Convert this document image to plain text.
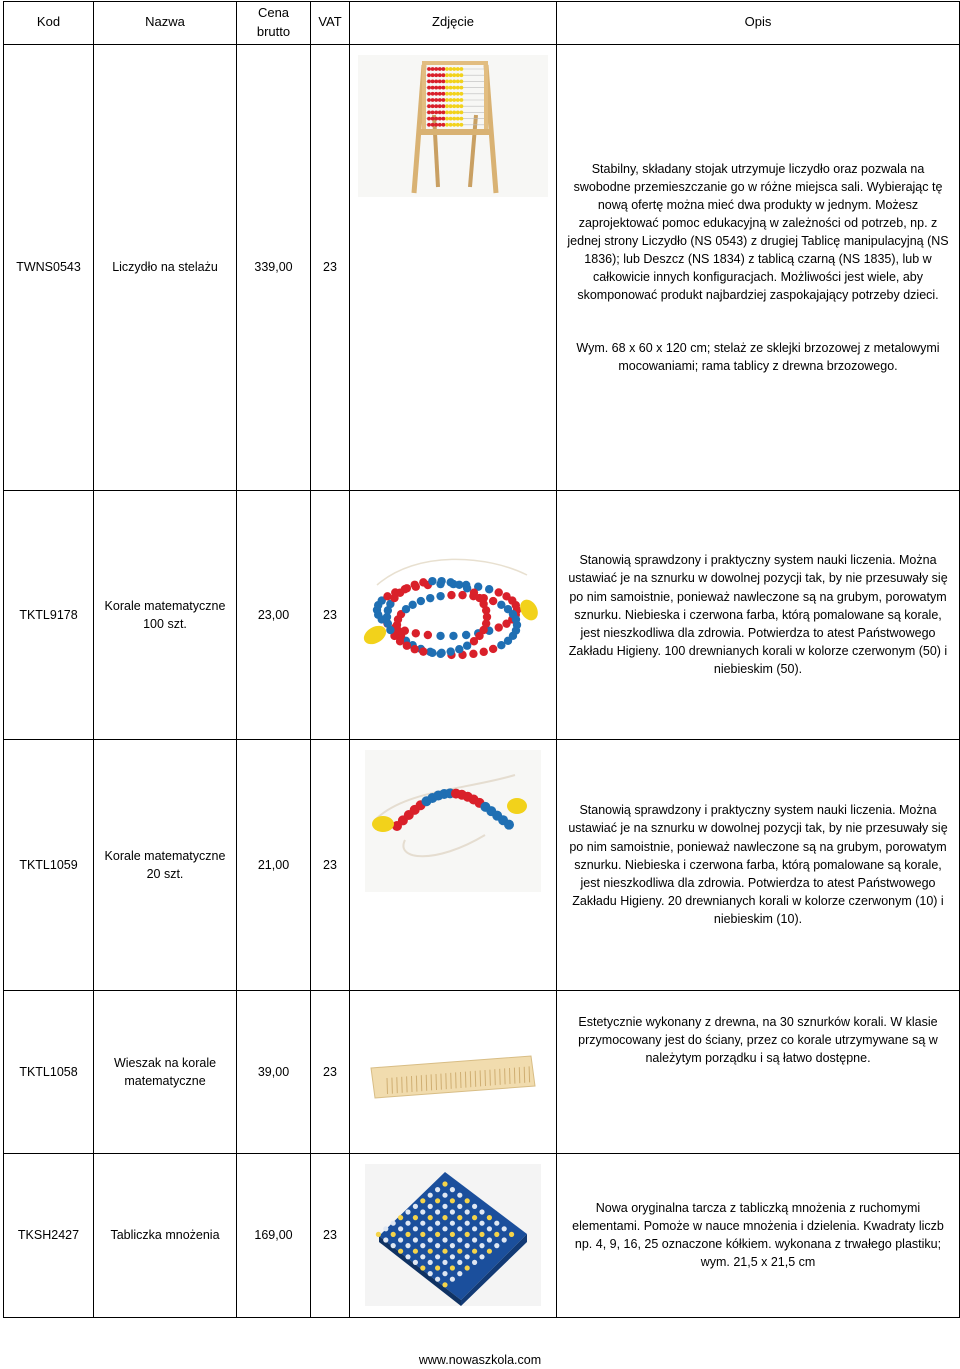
Kod	Nazwa	Cena brutto	VAT	Zdjęcie	Opis
TWNS0543	Liczydło na stelażu	339,00	23		Stabilny, składany stojak utrzymuje liczydło oraz pozwala na swobodne przemieszczanie go w różne miejsca sali. Wybierając tę nową ofertę można mieć dwa produkty w jednym. Możesz zaprojektować pomoc edukacyjną w zależności od potrzeb, np. z jednej strony Liczydło (NS 0543) z drugiej Tablicę manipulacyjną (NS 1836); lub Deszcz (NS 1834) z tablicą czarną (NS 1835), lub w całkowicie innych konfiguracjach. Możliwości jest wiele, aby skomponować produkt najbardziej zaspokajający potrzeby dzieci.

Wym. 68 x 60 x 120 cm; stelaż ze sklejki brzozowej z metalowymi mocowaniami; rama tablicy z drewna brzozowego.

TKTL9178	Korale matematyczne 100 szt.	23,00	23		Stanowią sprawdzony i praktyczny system nauki liczenia. Można ustawiać je na sznurku w dowolnej pozycji tak, by nie przesuwały się po nim samoistnie, ponieważ nawleczone są na grubym, porowatym sznurku. Niebieska i czerwona farba, którą pomalowane są korale, jest nieszkodliwa dla zdrowia. Potwierdza to atest Państwowego Zakładu Higieny. 100 drewnianych korali w kolorze czerwonym (50) i niebieskim (50).

TKTL1059	Korale matematyczne 20 szt.	21,00	23		Stanowią sprawdzony i praktyczny system nauki liczenia. Można ustawiać je na sznurku w dowolnej pozycji tak, by nie przesuwały się po nim samoistnie, ponieważ nawleczone są na grubym, porowatym sznurku. Niebieska i czerwona farba, którą pomalowane są korale, jest nieszkodliwa dla zdrowia. Potwierdza to atest Państwowego Zakładu Higieny. 20 drewnianych korali w kolorze czerwonym (10) i niebieskim (10).

TKTL1058	Wieszak na korale matematyczne	39,00	23		Estetycznie wykonany z drewna, na 30 sznurków korali. W klasie przymocowany jest do ściany, przez co korale utrzymywane są w należytym porządku i są łatwo dostępne.

TKSH2427	Tabliczka mnożenia	169,00	23		Nowa oryginalna tarcza z tabliczką mnożenia z ruchomymi elementami. Pomoże w nauce mnożenia i dzielenia. Kwadraty liczb np. 4, 9, 16, 25 oznaczone kółkiem. wykonana z trwałego plastiku; wym. 21,5 x 21,5 cm

www.nowaszkola.com
